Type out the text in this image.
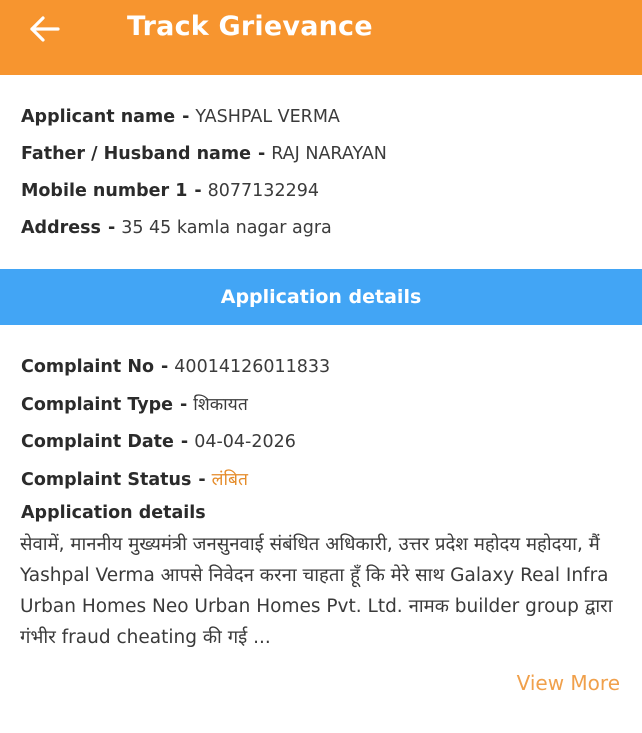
Track Grievance
Applicant name - YASHPAL VERMA
Father / Husband name - RAJ NARAYAN
Mobile number 1 - 8077132294
Address - 35 45 kamla nagar agra
Application details
Complaint No - 40014126011833
Complaint Type - शिकायत
Complaint Date - 04-04-2026
Complaint Status - लंबित
Application details
सेवामें, माननीय मुख्यमंत्री जनसुनवाई संबंधित अधिकारी, उत्तर प्रदेश महोदय महोदया, मैं Yashpal Verma आपसे निवेदन करना चाहता हूँ कि मेरे साथ Galaxy Real Infra Urban Homes Neo Urban Homes Pvt. Ltd. नामक builder group द्वारा गंभीर fraud cheating की गई ...
View More
